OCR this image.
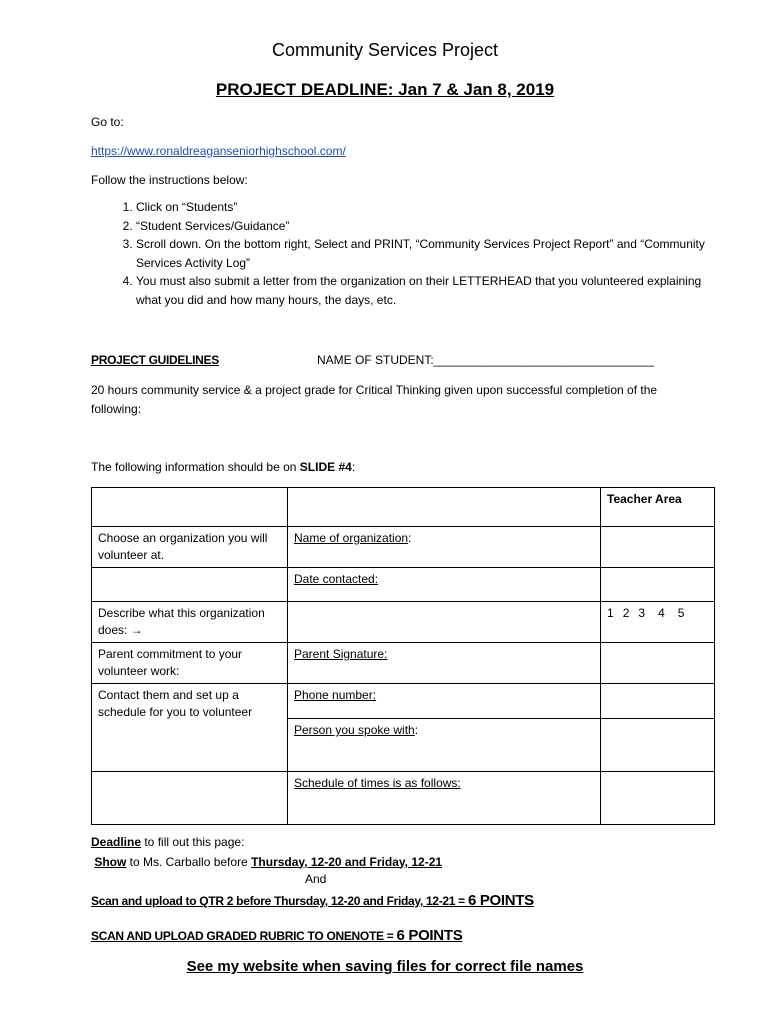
Community Services Project
PROJECT DEADLINE: Jan 7 & Jan 8, 2019
Go to:
https://www.ronaldreaganseniorhighschool.com/
Follow the instructions below:
1. Click on “Students”
2. “Student Services/Guidance”
3. Scroll down. On the bottom right, Select and PRINT, “Community Services Project Report” and “Community Services Activity Log”
4. You must also submit a letter from the organization on their LETTERHEAD that you volunteered explaining what you did and how many hours, the days, etc.
PROJECT GUIDELINES	NAME OF STUDENT:_________________________________
20 hours community service & a project grade for Critical Thinking given upon successful completion of the following:
The following information should be on SLIDE #4:
		Teacher Area
Choose an organization you will volunteer at.	Name of organization:	
	Date contacted:	
Describe what this organization does: →		1 2 3 4 5
Parent commitment to your volunteer work:	Parent Signature:	
Contact them and set up a schedule for you to volunteer	Phone number:	
	Person you spoke with:	
	Schedule of times is as follows:	
Deadline to fill out this page:
Show to Ms. Carballo before Thursday, 12-20 and Friday, 12-21
And
Scan and upload to QTR 2 before Thursday, 12-20 and Friday, 12-21 = 6 POINTS
SCAN AND UPLOAD GRADED RUBRIC TO ONENOTE = 6 POINTS
See my website when saving files for correct file names
